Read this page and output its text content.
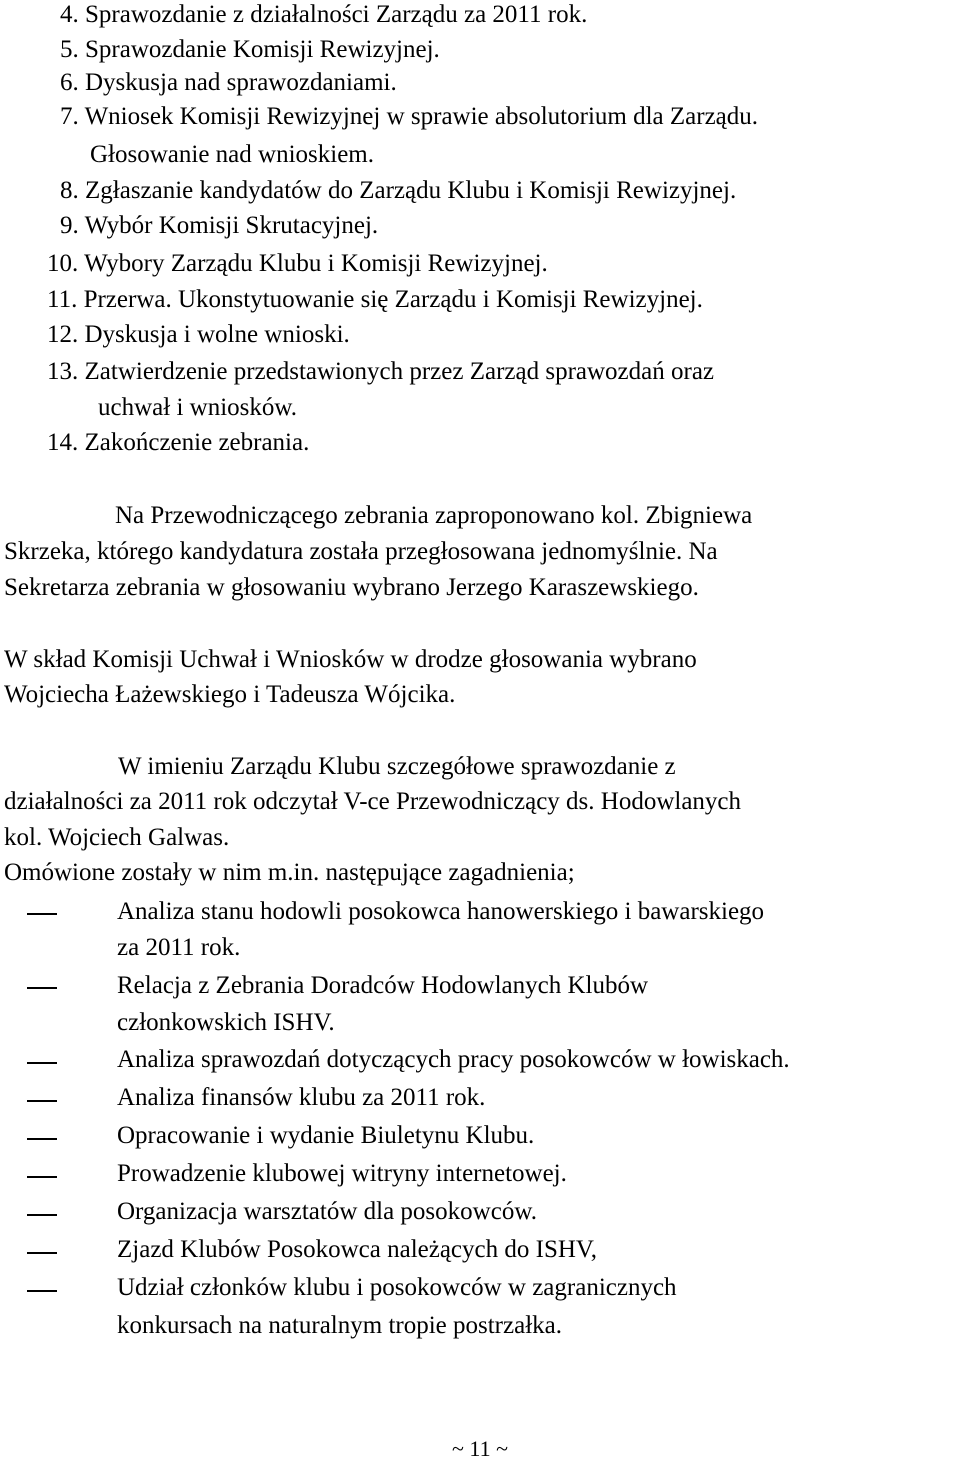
4. Sprawozdanie z działalności Zarządu za 2011 rok.
5. Sprawozdanie Komisji Rewizyjnej.
6. Dyskusja nad sprawozdaniami.
7. Wniosek Komisji Rewizyjnej w sprawie absolutorium dla Zarządu.
Głosowanie nad wnioskiem.
8. Zgłaszanie kandydatów do Zarządu Klubu i Komisji Rewizyjnej.
9. Wybór Komisji Skrutacyjnej.
10. Wybory Zarządu Klubu i Komisji Rewizyjnej.
11. Przerwa. Ukonstytuowanie się Zarządu i Komisji Rewizyjnej.
12. Dyskusja i wolne wnioski.
13. Zatwierdzenie przedstawionych przez Zarząd sprawozdań oraz
uchwał i wniosków.
14. Zakończenie zebrania.
Na Przewodniczącego zebrania zaproponowano kol. Zbigniewa
Skrzeka, którego kandydatura została przegłosowana jednomyślnie. Na
Sekretarza zebrania w głosowaniu wybrano Jerzego Karaszewskiego.
W skład Komisji Uchwał i Wniosków w drodze głosowania wybrano
Wojciecha Łażewskiego i Tadeusza Wójcika.
W imieniu Zarządu Klubu szczegółowe sprawozdanie z
działalności za 2011 rok odczytał V-ce Przewodniczący ds. Hodowlanych
kol. Wojciech Galwas.
Omówione zostały w nim m.in. następujące zagadnienia;
Analiza stanu hodowli posokowca hanowerskiego i bawarskiego
za 2011 rok.
Relacja z Zebrania Doradców Hodowlanych Klubów
członkowskich ISHV.
Analiza sprawozdań dotyczących pracy posokowców w łowiskach.
Analiza finansów klubu za 2011 rok.
Opracowanie i wydanie Biuletynu Klubu.
Prowadzenie klubowej witryny internetowej.
Organizacja warsztatów dla posokowców.
Zjazd Klubów Posokowca należących do ISHV,
Udział członków klubu i posokowców w zagranicznych
konkursach na naturalnym tropie postrzałka.
~ 11 ~
